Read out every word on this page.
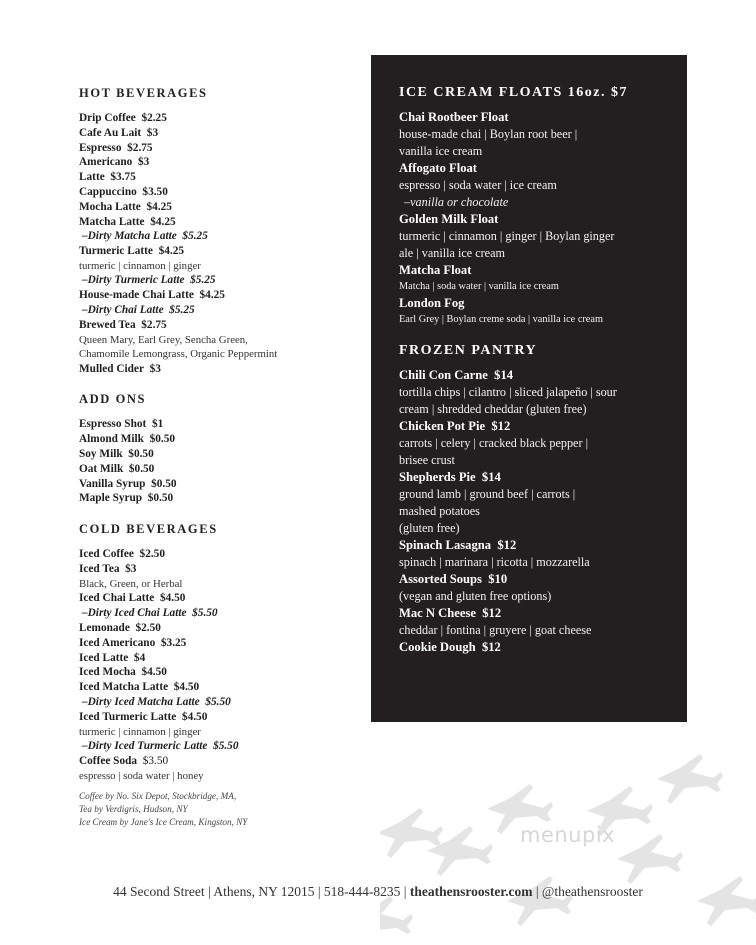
HOT BEVERAGES
Drip Coffee $2.25
Cafe Au Lait $3
Espresso $2.75
Americano $3
Latte $3.75
Cappuccino $3.50
Mocha Latte $4.25
Matcha Latte $4.25
–Dirty Matcha Latte $5.25
Turmeric Latte $4.25
turmeric | cinnamon | ginger
–Dirty Turmeric Latte $5.25
House-made Chai Latte $4.25
–Dirty Chai Latte $5.25
Brewed Tea $2.75
Queen Mary, Earl Grey, Sencha Green,
Chamomile Lemongrass, Organic Peppermint
Mulled Cider $3
ADD ONS
Espresso Shot $1
Almond Milk $0.50
Soy Milk $0.50
Oat Milk $0.50
Vanilla Syrup $0.50
Maple Syrup $0.50
COLD BEVERAGES
Iced Coffee $2.50
Iced Tea $3
Black, Green, or Herbal
Iced Chai Latte $4.50
–Dirty Iced Chai Latte $5.50
Lemonade $2.50
Iced Americano $3.25
Iced Latte $4
Iced Mocha $4.50
Iced Matcha Latte $4.50
–Dirty Iced Matcha Latte $5.50
Iced Turmeric Latte $4.50
turmeric | cinnamon | ginger
–Dirty Iced Turmeric Latte $5.50
Coffee Soda $3.50
espresso | soda water | honey
Coffee by No. Six Depot, Stockbridge, MA,
Tea by Verdigris, Hudson, NY
Ice Cream by Jane's Ice Cream, Kingston, NY
ICE CREAM FLOATS 16oz. $7
Chai Rootbeer Float
house-made chai | Boylan root beer |
vanilla ice cream
Affogato Float
espresso | soda water | ice cream
–vanilla or chocolate
Golden Milk Float
turmeric | cinnamon | ginger | Boylan ginger
ale | vanilla ice cream
Matcha Float
Matcha | soda water | vanilla ice cream
London Fog
Earl Grey | Boylan creme soda | vanilla ice cream
FROZEN PANTRY
Chili Con Carne $14
tortilla chips | cilantro | sliced jalapeño | sour
cream | shredded cheddar (gluten free)
Chicken Pot Pie $12
carrots | celery | cracked black pepper |
brisee crust
Shepherds Pie $14
ground lamb | ground beef | carrots |
mashed potatoes
(gluten free)
Spinach Lasagna $12
spinach | marinara | ricotta | mozzarella
Assorted Soups $10
(vegan and gluten free options)
Mac N Cheese $12
cheddar | fontina | gruyere | goat cheese
Cookie Dough $12
menupix
44 Second Street | Athens, NY 12015 | 518-444-8235 | theathensrooster.com | @theathensrooster
